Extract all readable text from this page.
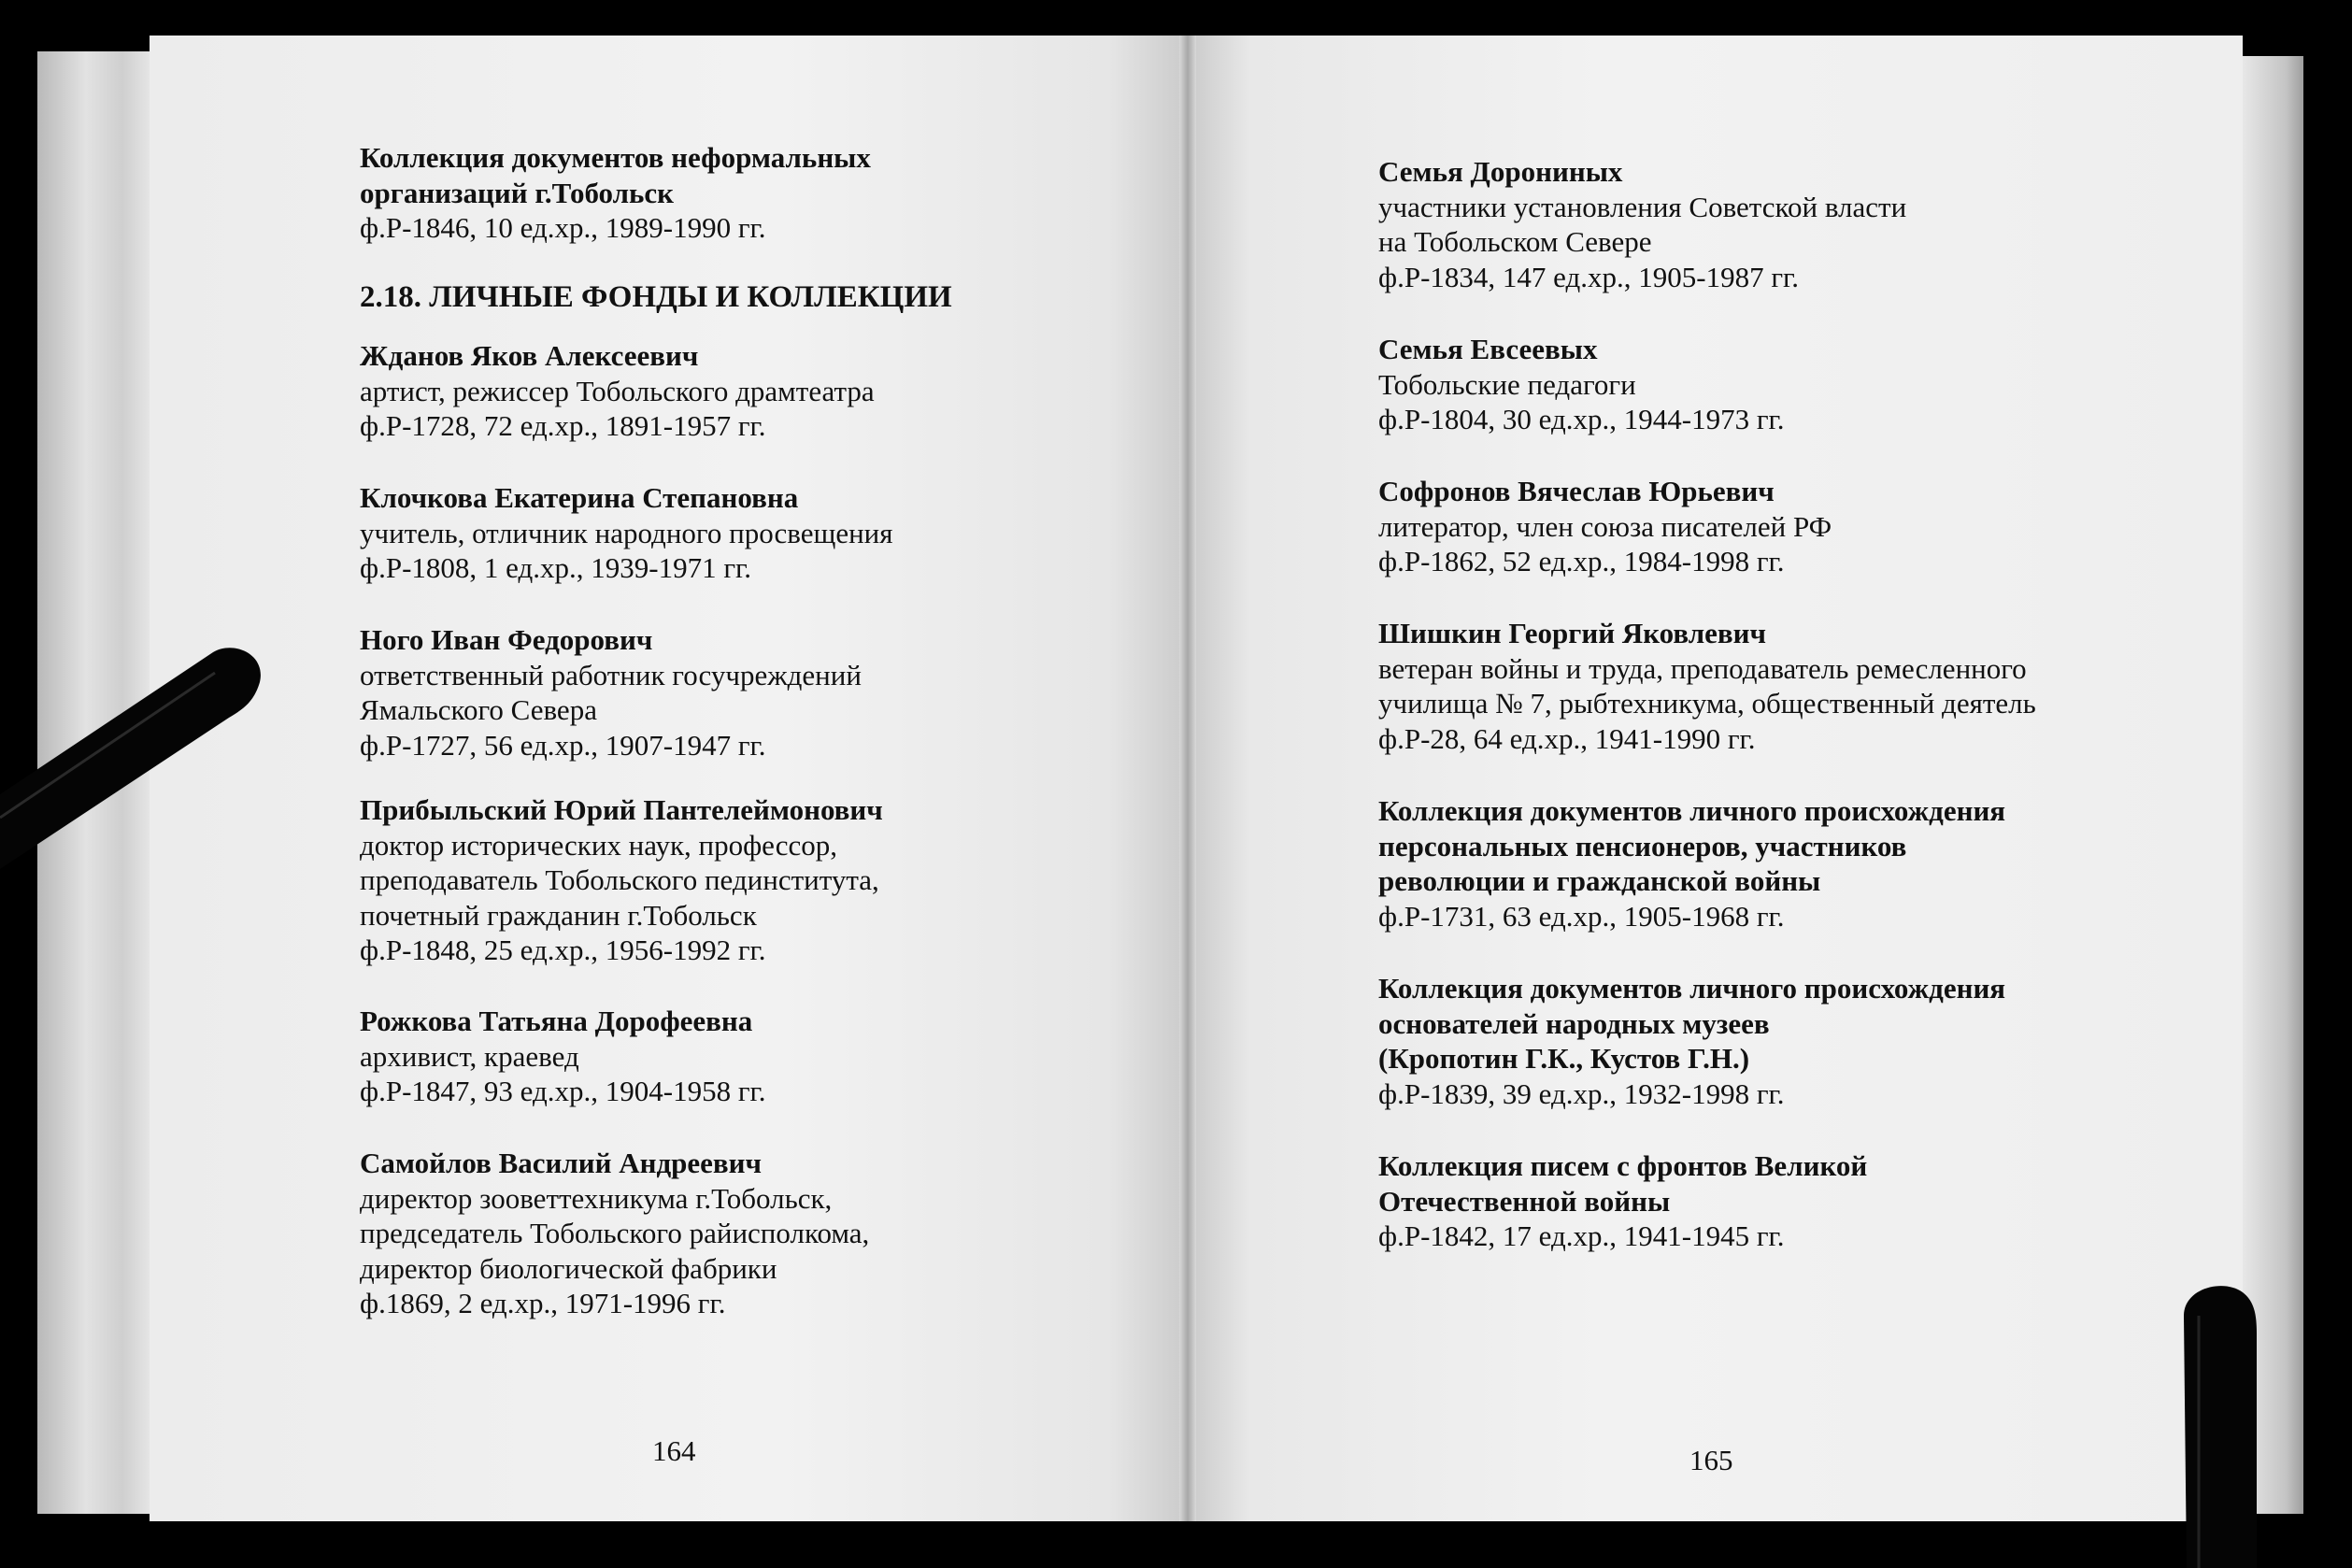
Коллекция документов неформальных
организаций г.Тобольск
ф.Р-1846, 10 ед.хр., 1989-1990 гг.
2.18. ЛИЧНЫЕ ФОНДЫ И КОЛЛЕКЦИИ
Жданов Яков Алексеевич
артист, режиссер Тобольского драмтеатра
ф.Р-1728, 72 ед.хр., 1891-1957 гг.
Клочкова Екатерина Степановна
учитель, отличник народного просвещения
ф.Р-1808, 1 ед.хр., 1939-1971 гг.
Ного Иван Федорович
ответственный работник госучреждений
Ямальского Севера
ф.Р-1727, 56 ед.хр., 1907-1947 гг.
Прибыльский Юрий Пантелеймонович
доктор исторических наук, профессор,
преподаватель Тобольского пединститута,
почетный гражданин г.Тобольск
ф.Р-1848, 25 ед.хр., 1956-1992 гг.
Рожкова Татьяна Дорофеевна
архивист, краевед
ф.Р-1847, 93 ед.хр., 1904-1958 гг.
Самойлов Василий Андреевич
директор зооветтехникума г.Тобольск,
председатель Тобольского райисполкома,
директор биологической фабрики
ф.1869, 2 ед.хр., 1971-1996 гг.
164
Семья Дорониных
участники установления Советской власти
на Тобольском Севере
ф.Р-1834, 147 ед.хр., 1905-1987 гг.
Семья Евсеевых
Тобольские педагоги
ф.Р-1804, 30 ед.хр., 1944-1973 гг.
Софронов Вячеслав Юрьевич
литератор, член союза писателей РФ
ф.Р-1862, 52 ед.хр., 1984-1998 гг.
Шишкин Георгий Яковлевич
ветеран войны и труда, преподаватель ремесленного
училища № 7, рыбтехникума, общественный деятель
ф.Р-28, 64 ед.хр., 1941-1990 гг.
Коллекция документов личного происхождения
персональных пенсионеров, участников
революции и гражданской войны
ф.Р-1731, 63 ед.хр., 1905-1968 гг.
Коллекция документов личного происхождения
основателей народных музеев
(Кропотин Г.К., Кустов Г.Н.)
ф.Р-1839, 39 ед.хр., 1932-1998 гг.
Коллекция писем с фронтов Великой
Отечественной войны
ф.Р-1842, 17 ед.хр., 1941-1945 гг.
165
